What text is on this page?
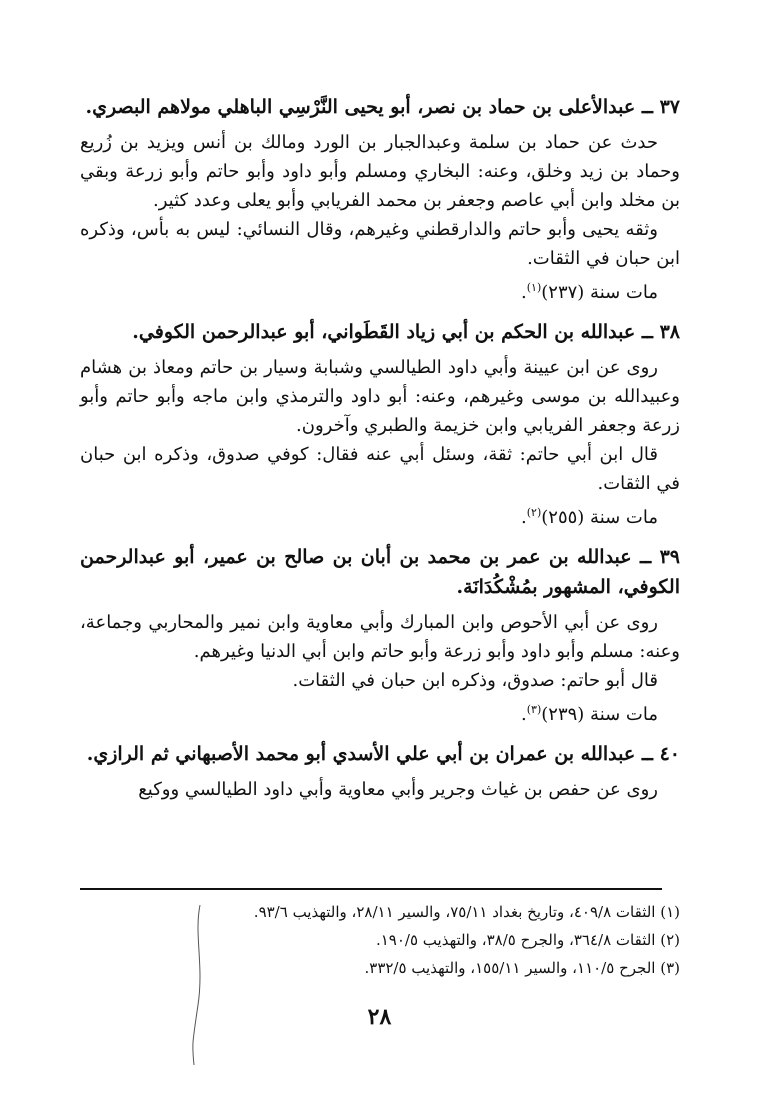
٣٧ ــ عبدالأعلى بن حماد بن نصر، أبو يحيى النَّرْسِي الباهلي مولاهم البصري.

حدث عن حماد بن سلمة وعبدالجبار بن الورد ومالك بن أنس ويزيد بن زُريع وحماد بن زيد وخلق، وعنه: البخاري ومسلم وأبو داود وأبو حاتم وأبو زرعة وبقي بن مخلد وابن أبي عاصم وجعفر بن محمد الفريابي وأبو يعلى وعدد كثير.

وثقه يحيى وأبو حاتم والدارقطني وغيرهم، وقال النسائي: ليس به بأس، وذكره ابن حبان في الثقات.

مات سنة (٢٣٧)$^{(١)}$.

٣٨ ــ عبدالله بن الحكم بن أبي زياد القَطَواني، أبو عبدالرحمن الكوفي.

روى عن ابن عيينة وأبي داود الطيالسي وشبابة وسيار بن حاتم ومعاذ بن هشام وعبيدالله بن موسى وغيرهم، وعنه: أبو داود والترمذي وابن ماجه وأبو حاتم وأبو زرعة وجعفر الفريابي وابن خزيمة والطبري وآخرون.

قال ابن أبي حاتم: ثقة، وسئل أبي عنه فقال: كوفي صدوق، وذكره ابن حبان في الثقات.

مات سنة (٢٥٥)$^{(٢)}$.

٣٩ ــ عبدالله بن عمر بن محمد بن أبان بن صالح بن عمير، أبو عبدالرحمن الكوفي، المشهور بمُشْكُدَانَة.

روى عن أبي الأحوص وابن المبارك وأبي معاوية وابن نمير والمحاربي وجماعة، وعنه: مسلم وأبو داود وأبو زرعة وأبو حاتم وابن أبي الدنيا وغيرهم.

قال أبو حاتم: صدوق، وذكره ابن حبان في الثقات.

مات سنة (٢٣٩)$^{(٣)}$.

٤٠ ــ عبدالله بن عمران بن أبي علي الأسدي أبو محمد الأصبهاني ثم الرازي.

روى عن حفص بن غياث وجرير وأبي معاوية وأبي داود الطيالسي ووكيع

(١) الثقات ٤٠٩/٨، وتاريخ بغداد ٧٥/١١، والسير ٢٨/١١، والتهذيب ٩٣/٦.

(٢) الثقات ٣٦٤/٨، والجرح ٣٨/٥، والتهذيب ١٩٠/٥.

(٣) الجرح ١١٠/٥، والسير ١٥٥/١١، والتهذيب ٣٣٢/٥.

٢٨
